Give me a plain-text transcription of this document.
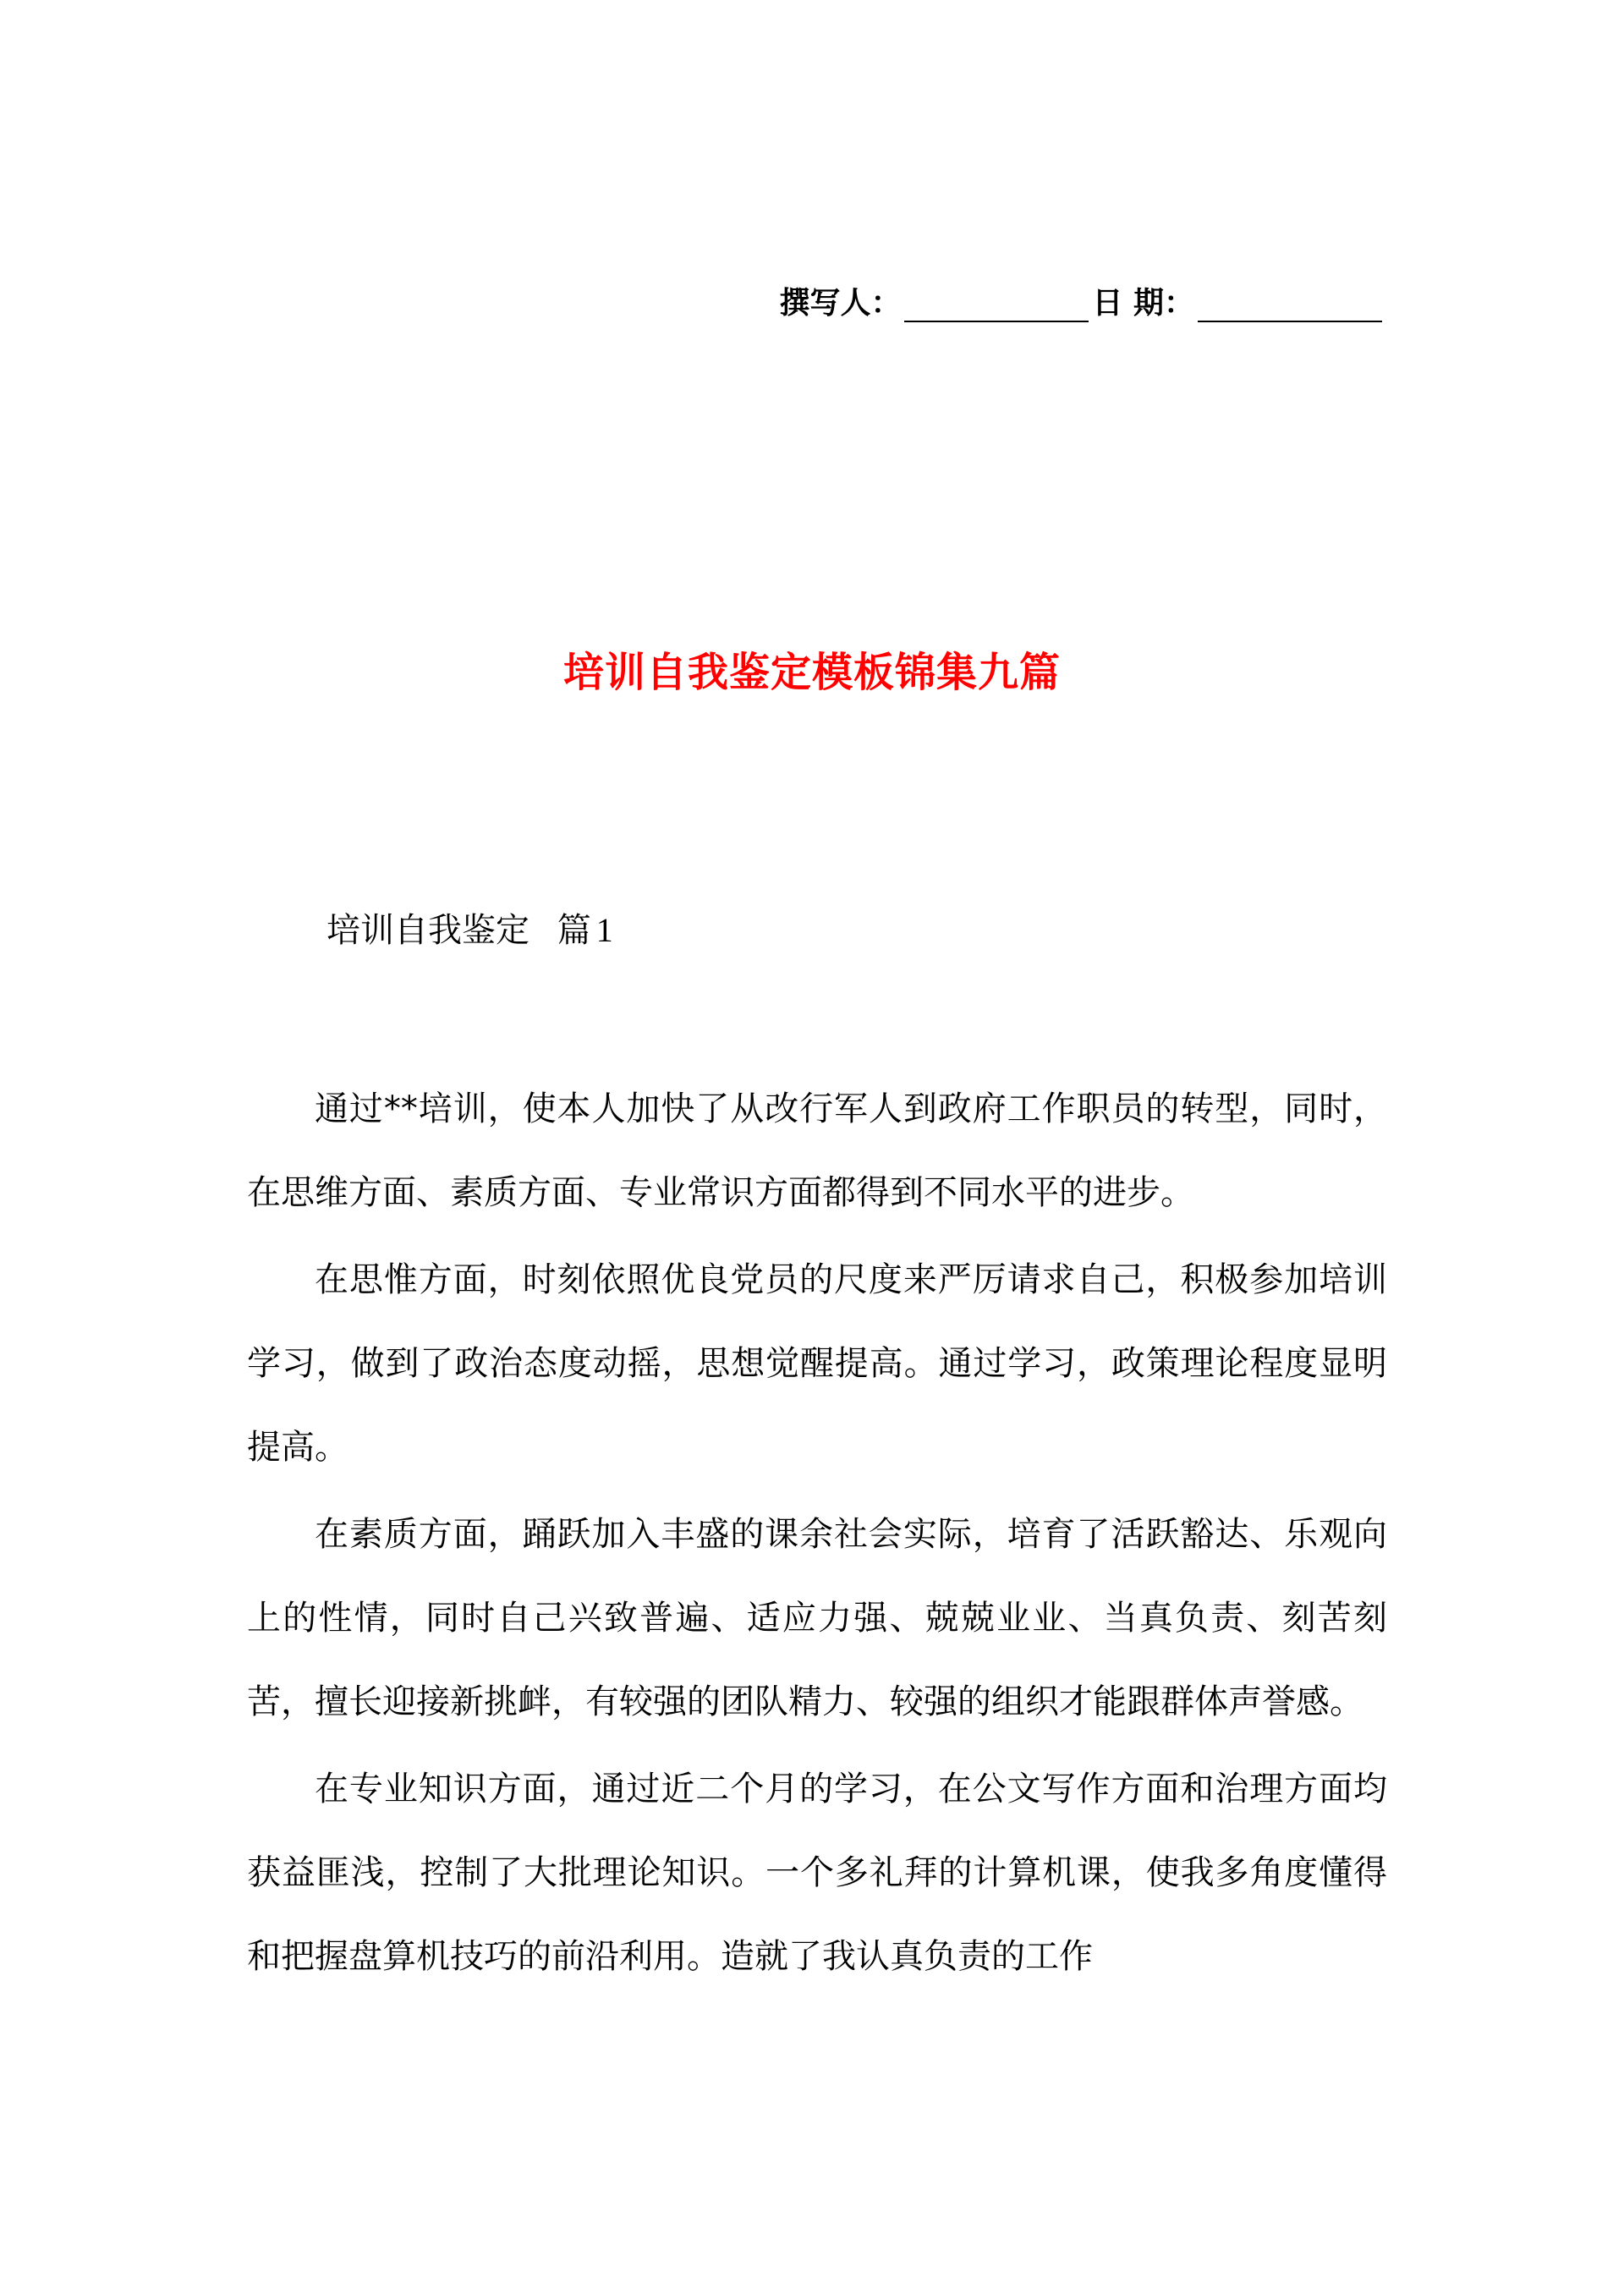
撰写人：	日 期：
培训自我鉴定模板锦集九篇
培训自我鉴定 篇 1

通过**培训，使本人加快了从改行军人到政府工作职员的转型，同时，在思维方面、素质方面、专业常识方面都得到不同水平的进步。

在思惟方面，时刻依照优良党员的尺度来严厉请求自己，积极参加培训学习，做到了政治态度动摇，思想觉醒提高。通过学习，政策理论程度显明提高。

在素质方面，踊跃加入丰盛的课余社会实际，培育了活跃豁达、乐观向上的性情，同时自己兴致普遍、适应力强、兢兢业业、当真负责、刻苦刻苦，擅长迎接新挑衅，有较强的团队精力、较强的组织才能跟群体声誉感。

在专业知识方面，通过近二个月的学习，在公文写作方面和治理方面均获益匪浅，控制了大批理论知识。一个多礼拜的计算机课，使我多角度懂得和把握盘算机技巧的前沿利用。造就了我认真负责的工作
